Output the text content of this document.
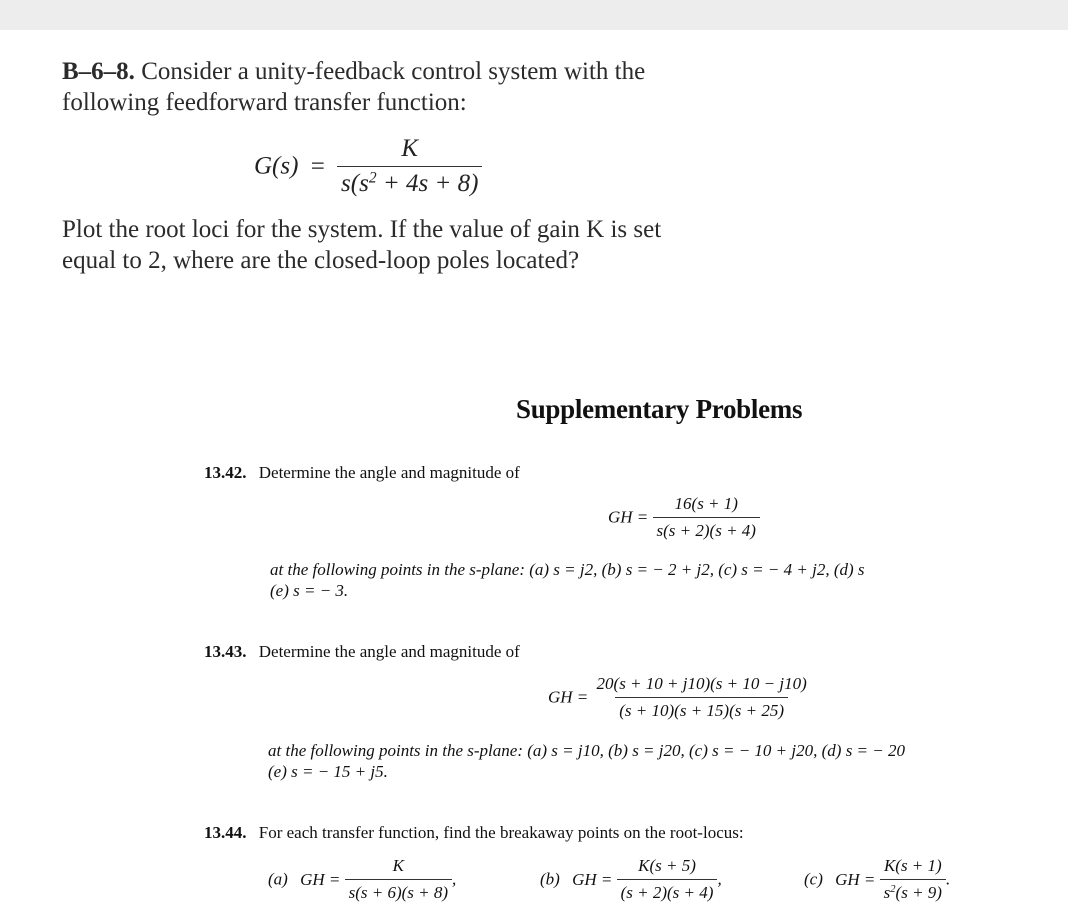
B–6–8. Consider a unity-feedback control system with the
following feedforward transfer function:
$G(s) = \frac{K}{s(s^2 + 4s + 8)}$
Plot the root loci for the system. If the value of gain K is set
equal to 2, where are the closed-loop poles located?
Supplementary Problems
13.42. Determine the angle and magnitude of
GH = $\frac{16(s + 1)}{s(s + 2)(s + 4)}$
at the following points in the s-plane: (a) s = j2, (b) s = − 2 + j2, (c) s = − 4 + j2, (d) s
(e) s = − 3.
13.43. Determine the angle and magnitude of
GH = $\frac{20(s + 10 + j10)(s + 10 - j10)}{(s + 10)(s + 15)(s + 25)}$
at the following points in the s-plane: (a) s = j10, (b) s = j20, (c) s = − 10 + j20, (d) s = − 20
(e) s = − 15 + j5.
13.44. For each transfer function, find the breakaway points on the root-locus:
(a) GH = $\frac{K}{s(s + 6)(s + 8)}$ ,	(b) GH = $\frac{K(s + 5)}{(s + 2)(s + 4)}$ ,	(c) GH = $\frac{K(s + 1)}{s^2(s + 9)}$ .
